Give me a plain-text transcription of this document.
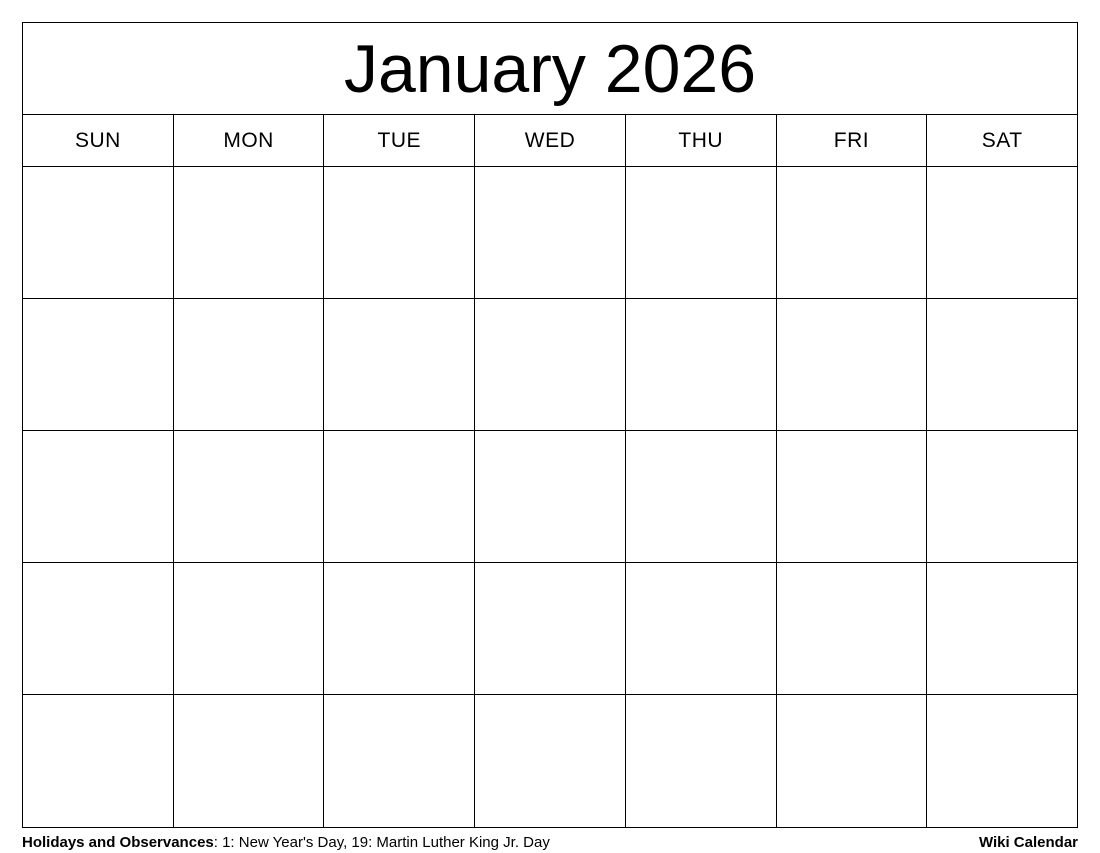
January 2026
SUN	MON	TUE	WED	THU	FRI	SAT
Holidays and Observances: 1: New Year's Day, 19: Martin Luther King Jr. Day	Wiki Calendar
